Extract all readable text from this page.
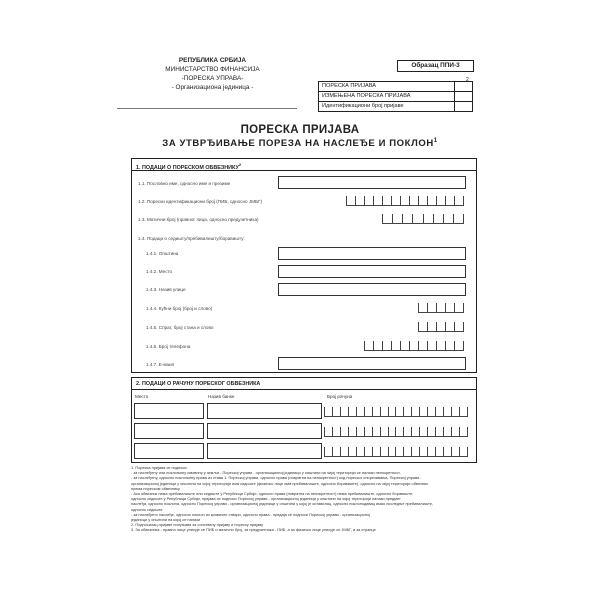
РЕПУБЛИКА СРБИЈА
МИНИСТАРСТВО ФИНАНСИЈА
-ПОРЕСКА УПРАВА-
- Организациона јединица -
Образац ППИ-3
2
ПОРЕСКА ПРИЈАВА
ИЗМЕЊЕНА ПОРЕСКА ПРИЈАВА
Идентификациони број пријаве
ПОРЕСКА ПРИЈАВА
ЗА УТВРЂИВАЊЕ ПОРЕЗА НА НАСЛЕЂЕ И ПОКЛОН$^1$
1. ПОДАЦИ О ПОРЕСКОМ ОБВЕЗНИКУ$^2$
1.1. Пословно име, односно име и презиме
1.2. Порески идентификациони број (ПИБ, односно ЈМБГ)
1.3. Матични број (правног лица, односно предузетника)
1.4. Подаци о седишту/пребивалишту/боравишту:
1.4.1. Општина
1.4.2. Место
1.4.3. Назив улице
1.4.4. Кућни број (број и слово)
1.4.5. Спрат, број стана и слово
1.4.6. Број телефона
1.4.7. E-маил
2. ПОДАЦИ О РАЧУНУ ПОРЕСКОГ ОБВЕЗНИКА
Место	Назив банке	Број рачуна
1. Пореска пријава се подноси:
- за наслеђену или поклоњену имовину у земљи - Пореској управи - организационој јединици у општини на чијој територији се налази непокретност,
- за наслеђену, односно поклоњену права из става 1. Пореској управи, односно права (повратна на непокретност) код пореског опорезивања, Пореској управи -
организационој јединици у општини на чијој територији има седиште (физичко лице има пребивалиште, односно боравиште), односно на чијој територији обвезник
према пореском обвезнику
- Ако обвезник нема пребивалиште или седиште у Републици Србији, односно права (повратна на непокретност) нема пребивалиште, односно боравиште,
односно седиште у Републици Србији, пријава се подноси Пореској управи - организационој јединици у општини на чијој територији налази предмет
наслеђа, односно поклона, односно Пореској управи - организационој јединици у општини у којој је оставилац, односно поклонодавац имао последње пребивалиште,
односно седиште
- за наслеђено наслеђе, односно поклон из кривичне ствари, односно права - предаја се подноси Пореској управи - организационој
јединици у општини на којој се налази
2. Подносилац пријаве попуњава за сопствену пријаву и пореску пријаву
3. За обвезника - правно лице уписује се ПИБ и матични број, за предузетника - ПИБ, а за физичко лице уписује се ЈМБГ, а за странце
